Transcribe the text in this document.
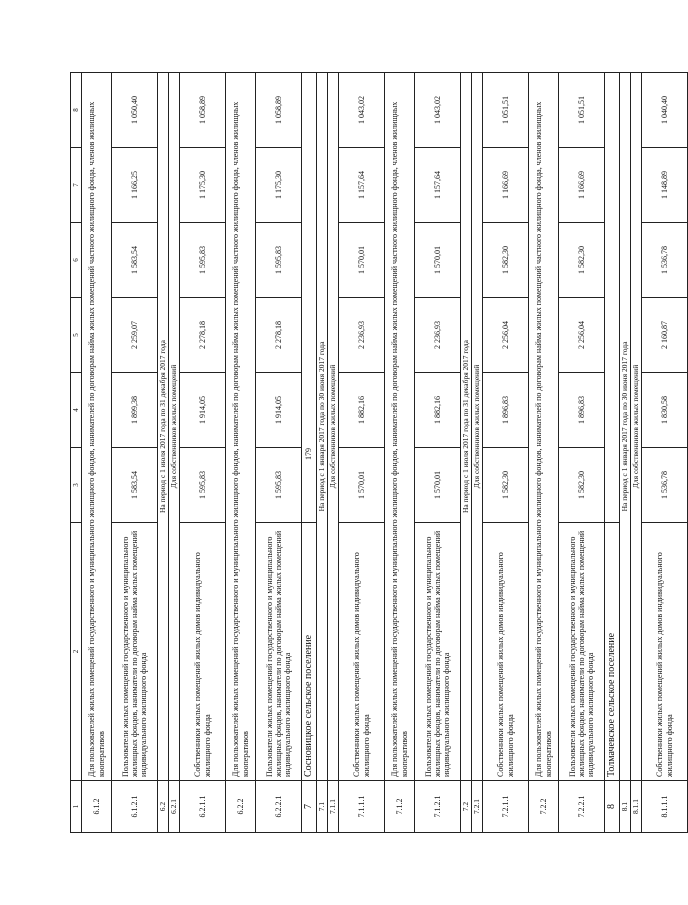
179
1	2	3	4	5	6	7	8
6.1.2	Для пользователей жилых помещений государственного и муниципального жилищного фондов, нанимателей по договорам найма жилых помещений частного жилищного фонда, членов жилищных кооперативов						
6.1.2.1	Пользователи жилых помещений государственного и муниципального жилищных фондов, наниматели по договорам найма жилых помещений индивидуального жилищного фонда	1 583,54	1 899,38	2 259,07	1 583,54	1 166,25	1 050,40
6.2	На период с 1 июля 2017 года по 31 декабря 2017 года						
6.2.1	Для собственников жилых помещений						
6.2.1.1	Собственники жилых помещений жилых домов индивидуального жилищного фонда	1 595,83	1 914,05	2 278,18	1 595,83	1 175,30	1 058,89
6.2.2	Для пользователей жилых помещений государственного и муниципального жилищного фондов, нанимателей по договорам найма жилых помещений частного жилищного фонда, членов жилищных кооперативов						
6.2.2.1	Пользователи жилых помещений государственного и муниципального жилищных фондов, наниматели по договорам найма жилых помещений индивидуального жилищного фонда	1 595,83	1 914,05	2 278,18	1 595,83	1 175,30	1 058,89
7	Сосновицкое сельское поселение						
7.1	На период с 1 января 2017 года по 30 июня 2017 года						
7.1.1	Для собственников жилых помещений						
7.1.1.1	Собственники жилых помещений жилых домов индивидуального жилищного фонда	1 570,01	1 882,16	2 236,93	1 570,01	1 157,64	1 043,02
7.1.2	Для пользователей жилых помещений государственного и муниципального жилищного фондов, нанимателей по договорам найма жилых помещений частного жилищного фонда, членов жилищных кооперативов						
7.1.2.1	Пользователи жилых помещений государственного и муниципального жилищных фондов, наниматели по договорам найма жилых помещений индивидуального жилищного фонда	1 570,01	1 882,16	2 236,93	1 570,01	1 157,64	1 043,02
7.2	На период с 1 июля 2017 года по 31 декабря 2017 года						
7.2.1	Для собственников жилых помещений						
7.2.1.1	Собственники жилых помещений жилых домов индивидуального жилищного фонда	1 582,30	1 896,83	2 256,04	1 582,30	1 166,69	1 051,51
7.2.2	Для пользователей жилых помещений государственного и муниципального жилищного фондов, нанимателей по договорам найма жилых помещений частного жилищного фонда, членов жилищных кооперативов						
7.2.2.1	Пользователи жилых помещений государственного и муниципального жилищных фондов, наниматели по договорам найма жилых помещений индивидуального жилищного фонда	1 582,30	1 896,83	2 256,04	1 582,30	1 166,69	1 051,51
8	Толмачевское сельское поселение						
8.1	На период с 1 января 2017 года по 30 июня 2017 года						
8.1.1	Для собственников жилых помещений						
8.1.1.1	Собственники жилых помещений жилых домов индивидуального жилищного фонда	1 536,78	1 830,58	2 160,87	1 536,78	1 148,89	1 040,40
